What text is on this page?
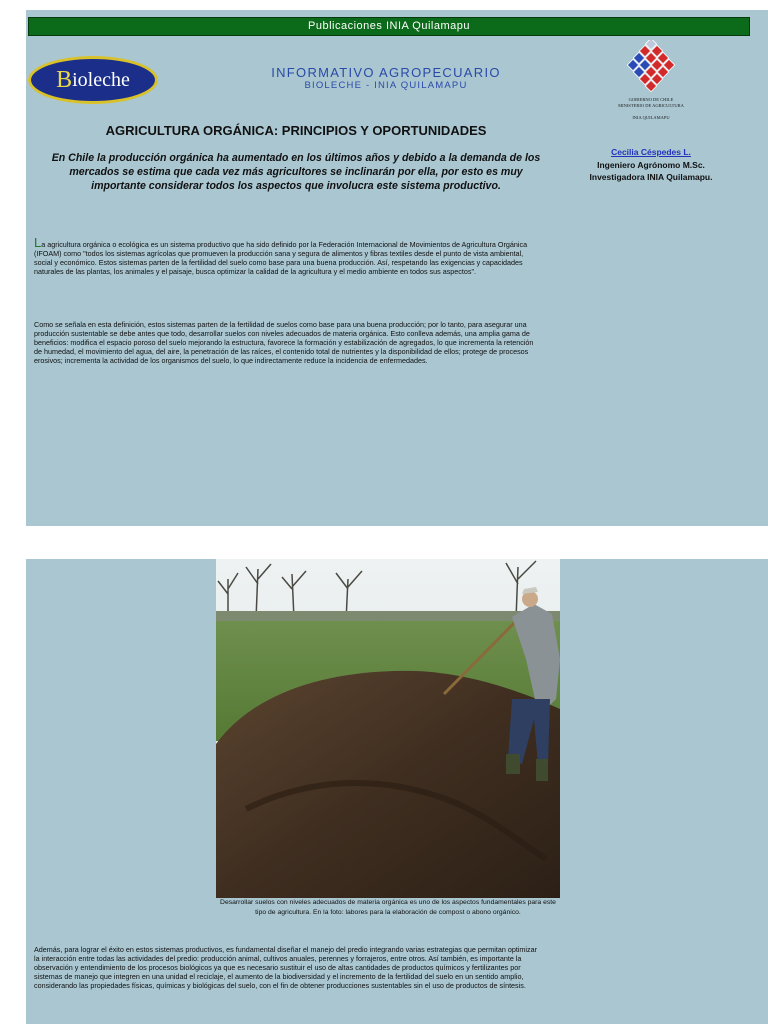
Publicaciones INIA Quilamapu
B ioleche	INFORMATIVO AGROPECUARIO
BIOLECHE - INIA QUILAMAPU
GOBIERNO DE CHILE
MINISTERIO DE AGRICULTURA

INIA QUILAMAPU
AGRICULTURA ORGÁNICA: PRINCIPIOS Y OPORTUNIDADES
En Chile la producción orgánica ha aumentado en los últimos años y debido a la demanda de los mercados se estima que cada vez más agricultores se inclinarán por ella, por esto es muy importante considerar todos los aspectos que involucra este sistema productivo.
Cecilia Céspedes L.
Ingeniero Agrónomo M.Sc.
Investigadora INIA Quilamapu.
La agricultura orgánica o ecológica es un sistema productivo que ha sido definido por la Federación Internacional de Movimientos de Agricultura Orgánica (IFOAM) como "todos los sistemas agrícolas que promueven la producción sana y segura de alimentos y fibras textiles desde el punto de vista ambiental, social y económico. Estos sistemas parten de la fertilidad del suelo como base para una buena producción. Así, respetando las exigencias y capacidades naturales de las plantas, los animales y el paisaje, busca optimizar la calidad de la agricultura y el medio ambiente en todos sus aspectos".
Como se señala en esta definición, estos sistemas parten de la fertilidad de suelos como base para una buena producción; por lo tanto, para asegurar una producción sustentable se debe antes que todo, desarrollar suelos con niveles adecuados de materia orgánica. Esto conlleva además, una amplia gama de beneficios: modifica el espacio poroso del suelo mejorando la estructura, favorece la formación y estabilización de agregados, lo que incrementa la retención de humedad, el movimiento del agua, del aire, la penetración de las raíces, el contenido total de nutrientes y la disponibilidad de ellos; protege de procesos erosivos; incrementa la actividad de los organismos del suelo, lo que indirectamente reduce la incidencia de enfermedades.
Desarrollar suelos con niveles adecuados de materia orgánica es uno de los aspectos fundamentales para este tipo de agricultura. En la foto: labores para la elaboración de compost o abono orgánico.
Además, para lograr el éxito en estos sistemas productivos, es fundamental diseñar el manejo del predio integrando varias estrategias que permitan optimizar la interacción entre todas las actividades del predio: producción animal, cultivos anuales, perennes y forrajeros, entre otros. Así también, es importante la observación y entendimiento de los procesos biológicos ya que es necesario sustituir el uso de altas cantidades de productos químicos y fertilizantes por sistemas de manejo que integren en una unidad el reciclaje, el aumento de la biodiversidad y el incremento de la fertilidad del suelo en un sentido amplio, considerando las propiedades físicas, químicas y biológicas del suelo, con el fin de obtener producciones sustentables sin el uso de productos de síntesis.
